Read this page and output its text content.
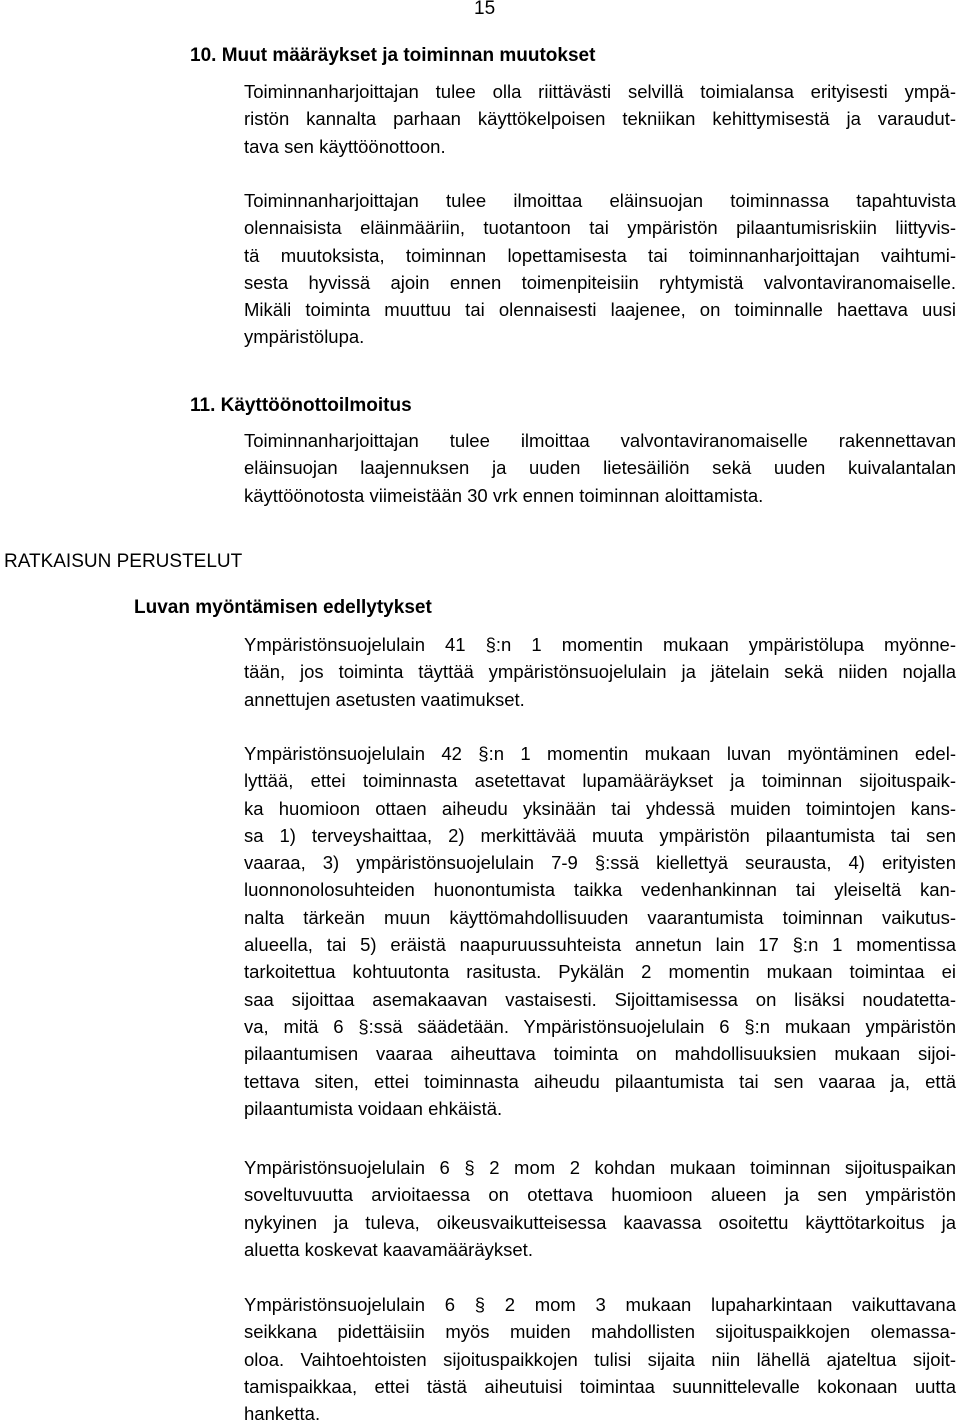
15
10. Muut määräykset ja toiminnan muutokset

Toiminnanharjoittajan tulee olla riittävästi selvillä toimialansa erityisesti ympä-
ristön kannalta parhaan käyttökelpoisen tekniikan kehittymisestä ja varaudut-
tava sen käyttöönottoon.

Toiminnanharjoittajan tulee ilmoittaa eläinsuojan toiminnassa tapahtuvista
olennaisista eläinmääriin, tuotantoon tai ympäristön pilaantumisriskiin liittyvis-
tä muutoksista, toiminnan lopettamisesta tai toiminnanharjoittajan vaihtumi-
sesta hyvissä ajoin ennen toimenpiteisiin ryhtymistä valvontaviranomaiselle.
Mikäli toiminta muuttuu tai olennaisesti laajenee, on toiminnalle haettava uusi
ympäristölupa.

11. Käyttöönottoilmoitus

Toiminnanharjoittajan tulee ilmoittaa valvontaviranomaiselle rakennettavan
eläinsuojan laajennuksen ja uuden lietesäiliön sekä uuden kuivalantalan
käyttöönotosta viimeistään 30 vrk ennen toiminnan aloittamista.

RATKAISUN PERUSTELUT
Luvan myöntämisen edellytykset

Ympäristönsuojelulain 41 §:n 1 momentin mukaan ympäristölupa myönne-
tään, jos toiminta täyttää ympäristönsuojelulain ja jätelain sekä niiden nojalla
annettujen asetusten vaatimukset.

Ympäristönsuojelulain 42 §:n 1 momentin mukaan luvan myöntäminen edel-
lyttää, ettei toiminnasta asetettavat lupamääräykset ja toiminnan sijoituspaik-
ka huomioon ottaen aiheudu yksinään tai yhdessä muiden toimintojen kans-
sa 1) terveyshaittaa, 2) merkittävää muuta ympäristön pilaantumista tai sen
vaaraa, 3) ympäristönsuojelulain 7-9 §:ssä kiellettyä seurausta, 4) erityisten
luonnonolosuhteiden huonontumista taikka vedenhankinnan tai yleiseltä kan-
nalta tärkeän muun käyttömahdollisuuden vaarantumista toiminnan vaikutus-
alueella, tai 5) eräistä naapuruussuhteista annetun lain 17 §:n 1 momentissa
tarkoitettua kohtuutonta rasitusta. Pykälän 2 momentin mukaan toimintaa ei
saa sijoittaa asemakaavan vastaisesti. Sijoittamisessa on lisäksi noudatetta-
va, mitä 6 §:ssä säädetään. Ympäristönsuojelulain 6 §:n mukaan ympäristön
pilaantumisen vaaraa aiheuttava toiminta on mahdollisuuksien mukaan sijoi-
tettava siten, ettei toiminnasta aiheudu pilaantumista tai sen vaaraa ja, että
pilaantumista voidaan ehkäistä.

Ympäristönsuojelulain 6 § 2 mom 2 kohdan mukaan toiminnan sijoituspaikan
soveltuvuutta arvioitaessa on otettava huomioon alueen ja sen ympäristön
nykyinen ja tuleva, oikeusvaikutteisessa kaavassa osoitettu käyttötarkoitus ja
aluetta koskevat kaavamääräykset.

Ympäristönsuojelulain 6 § 2 mom 3 mukaan lupaharkintaan vaikuttavana
seikkana pidettäisiin myös muiden mahdollisten sijoituspaikkojen olemassa-
oloa. Vaihtoehtoisten sijoituspaikkojen tulisi sijaita niin lähellä ajateltua sijoit-
tamispaikkaa, ettei tästä aiheutuisi toimintaa suunnittelevalle kokonaan uutta
hanketta.
